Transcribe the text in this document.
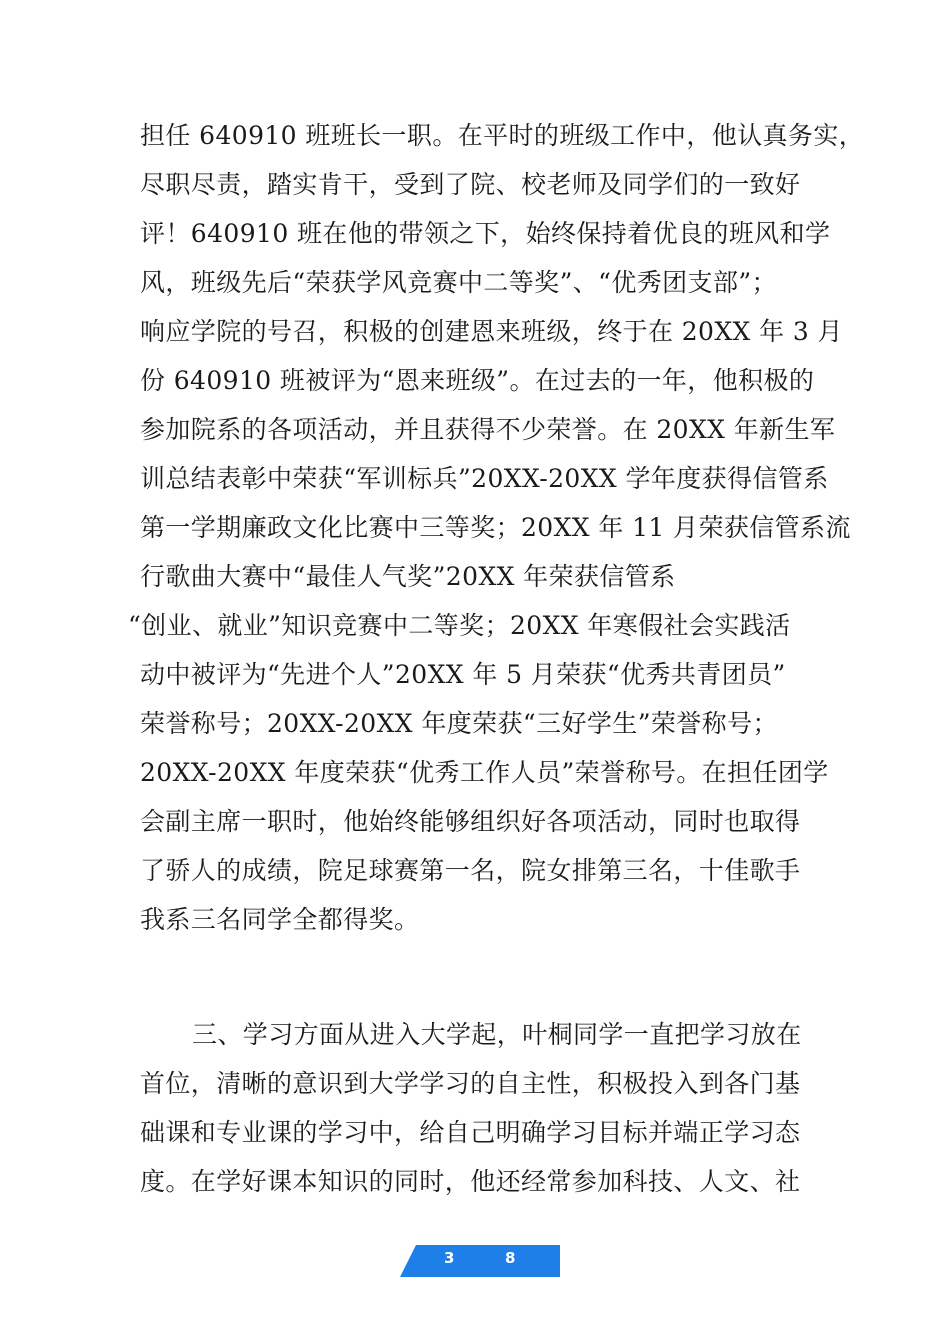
担任 640910 班班长一职。在平时的班级工作中，他认真务实，
尽职尽责，踏实肯干，受到了院、校老师及同学们的一致好
评！640910 班在他的带领之下，始终保持着优良的班风和学
风，班级先后“荣获学风竞赛中二等奖”、“优秀团支部”；
响应学院的号召，积极的创建恩来班级，终于在 20XX 年 3 月
份 640910 班被评为“恩来班级”。在过去的一年，他积极的
参加院系的各项活动，并且获得不少荣誉。在 20XX 年新生军
训总结表彰中荣获“军训标兵”20XX-20XX 学年度获得信管系
第一学期廉政文化比赛中三等奖；20XX 年 11 月荣获信管系流
行歌曲大赛中“最佳人气奖”20XX 年荣获信管系
“创业、就业”知识竞赛中二等奖；20XX 年寒假社会实践活
动中被评为“先进个人”20XX 年 5 月荣获“优秀共青团员”
荣誉称号；20XX-20XX 年度荣获“三好学生”荣誉称号；
20XX-20XX 年度荣获“优秀工作人员”荣誉称号。在担任团学
会副主席一职时，他始终能够组织好各项活动，同时也取得
了骄人的成绩，院足球赛第一名，院女排第三名，十佳歌手
我系三名同学全都得奖。
三、学习方面从进入大学起，叶桐同学一直把学习放在
首位，清晰的意识到大学学习的自主性，积极投入到各门基
础课和专业课的学习中，给自己明确学习目标并端正学习态
度。在学好课本知识的同时，他还经常参加科技、人文、社
3	8
